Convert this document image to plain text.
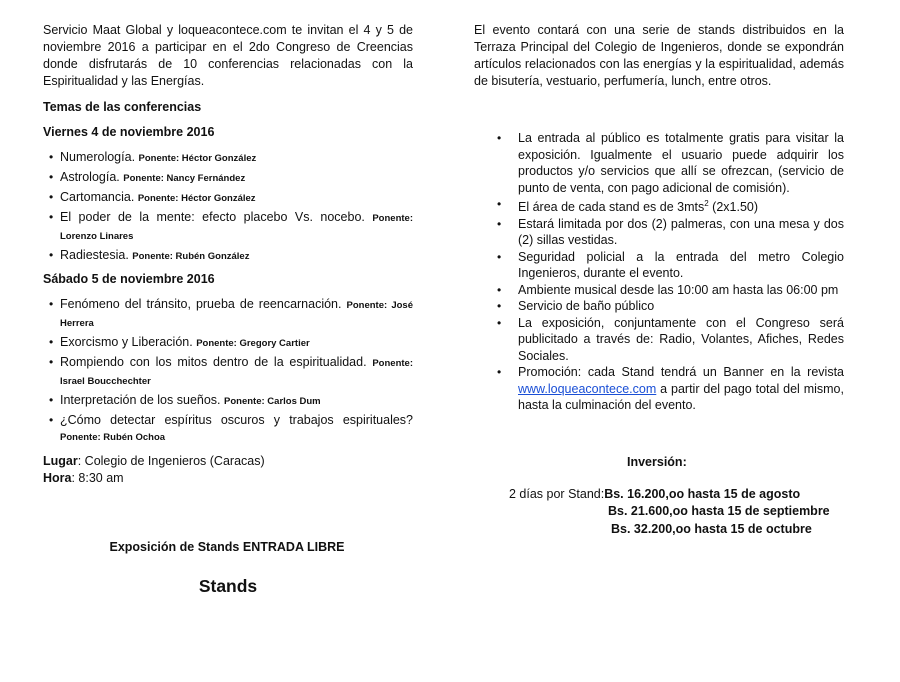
Servicio Maat Global y loqueacontece.com te invitan el 4 y 5 de noviembre 2016 a participar en el 2do Congreso de Creencias donde disfrutarás de 10 conferencias relacionadas con la Espiritualidad y las Energías.

Temas de las conferencias

Viernes 4 de noviembre 2016

• Numerología. Ponente: Héctor González
• Astrología. Ponente: Nancy Fernández
• Cartomancia. Ponente: Héctor González
• El poder de la mente: efecto placebo Vs. nocebo. Ponente: Lorenzo Linares
• Radiestesia. Ponente: Rubén González

Sábado 5 de noviembre 2016

• Fenómeno del tránsito, prueba de reencarnación. Ponente: José Herrera
• Exorcismo y Liberación. Ponente: Gregory Cartier
• Rompiendo con los mitos dentro de la espiritualidad. Ponente: Israel Boucchechter
• Interpretación de los sueños. Ponente: Carlos Dum
• ¿Cómo detectar espíritus oscuros y trabajos espirituales? Ponente: Rubén Ochoa

Lugar: Colegio de Ingenieros (Caracas)

Hora: 8:30 am

Exposición de Stands ENTRADA LIBRE

Stands

El evento contará con una serie de stands distribuidos en la Terraza Principal del Colegio de Ingenieros, donde se expondrán artículos relacionados con las energías y la espiritualidad, además de bisutería, vestuario, perfumería, lunch, entre otros.

• La entrada al público es totalmente gratis para visitar la exposición. Igualmente el usuario puede adquirir los productos y/o servicios que allí se ofrezcan, (servicio de punto de venta, con pago adicional de comisión).
• El área de cada stand es de 3mts$^2$ (2x1.50)
• Estará limitada por dos (2) palmeras, con una mesa y dos (2) sillas vestidas.
• Seguridad policial a la entrada del metro Colegio Ingenieros, durante el evento.
• Ambiente musical desde las 10:00 am hasta las 06:00 pm
• Servicio de baño público
• La exposición, conjuntamente con el Congreso será publicitado a través de: Radio, Volantes, Afiches, Redes Sociales.
• Promoción: cada Stand tendrá un Banner en la revista www.loqueacontece.com a partir del pago total del mismo, hasta la culminación del evento.

Inversión:

2 días por Stand:Bs. 16.200,oo hasta 15 de agosto
Bs. 21.600,oo hasta 15 de septiembre
Bs. 32.200,oo hasta 15 de octubre
